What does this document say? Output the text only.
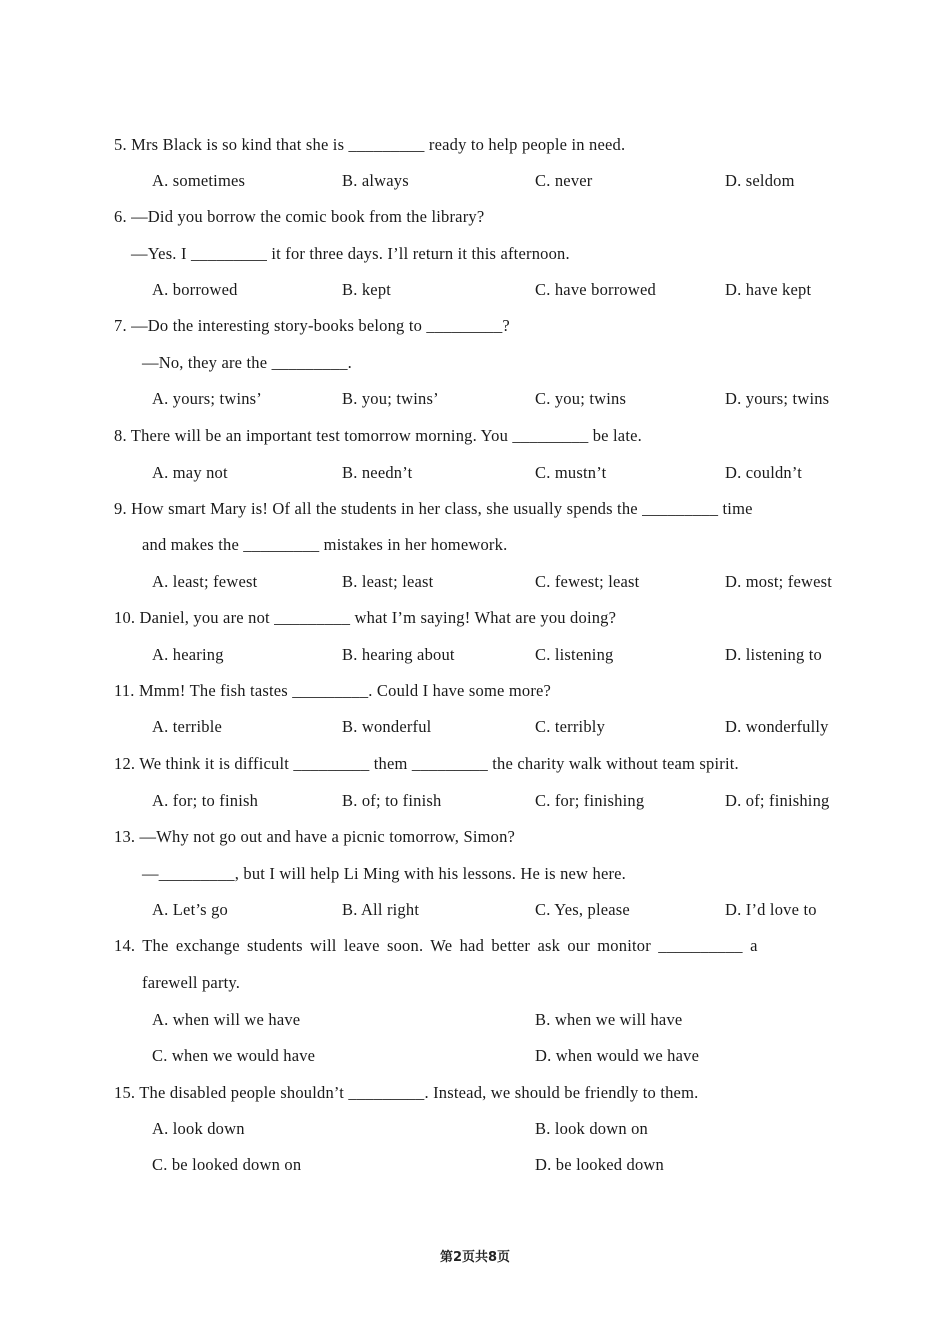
5. Mrs Black is so kind that she is _________ ready to help people in need.
A. sometimes	B. always	C. never	D. seldom
6. —Did you borrow the comic book from the library?
—Yes. I _________ it for three days. I’ll return it this afternoon.
A. borrowed	B. kept	C. have borrowed	D. have kept
7. —Do the interesting story-books belong to _________?
—No, they are the _________.
A. yours; twins’	B. you; twins’	C. you; twins	D. yours; twins
8. There will be an important test tomorrow morning. You _________ be late.
A. may not	B. needn’t	C. mustn’t	D. couldn’t
9. How smart Mary is! Of all the students in her class, she usually spends the _________ time
and makes the _________ mistakes in her homework.
A. least; fewest	B. least; least	C. fewest; least	D. most; fewest
10. Daniel, you are not _________ what I’m saying! What are you doing?
A. hearing	B. hearing about	C. listening	D. listening to
11. Mmm! The fish tastes _________. Could I have some more?
A. terrible	B. wonderful	C. terribly	D. wonderfully
12. We think it is difficult _________ them _________ the charity walk without team spirit.
A. for; to finish	B. of; to finish	C. for; finishing	D. of; finishing
13. —Why not go out and have a picnic tomorrow, Simon?
—_________, but I will help Li Ming with his lessons. He is new here.
A. Let’s go	B. All right	C. Yes, please	D. I’d love to
14. The exchange students will leave soon. We had better ask our monitor __________ a
farewell party.
A. when will we have	B. when we will have
C. when we would have	D. when would we have
15. The disabled people shouldn’t _________. Instead, we should be friendly to them.
A. look down	B. look down on
C. be looked down on	D. be looked down
第2页共8页
